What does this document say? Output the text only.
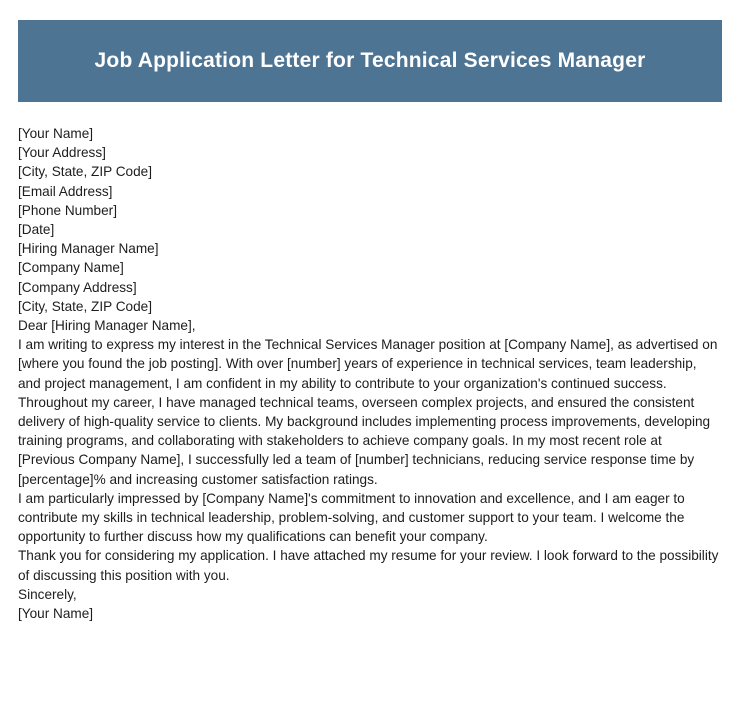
Job Application Letter for Technical Services Manager
[Your Name]
[Your Address]
[City, State, ZIP Code]
[Email Address]
[Phone Number]
[Date]
[Hiring Manager Name]
[Company Name]
[Company Address]
[City, State, ZIP Code]

Dear [Hiring Manager Name],

I am writing to express my interest in the Technical Services Manager position at [Company Name], as advertised on [where you found the job posting]. With over [number] years of experience in technical services, team leadership, and project management, I am confident in my ability to contribute to your organization's continued success.

Throughout my career, I have managed technical teams, overseen complex projects, and ensured the consistent delivery of high-quality service to clients. My background includes implementing process improvements, developing training programs, and collaborating with stakeholders to achieve company goals. In my most recent role at [Previous Company Name], I successfully led a team of [number] technicians, reducing service response time by [percentage]% and increasing customer satisfaction ratings.

I am particularly impressed by [Company Name]'s commitment to innovation and excellence, and I am eager to contribute my skills in technical leadership, problem-solving, and customer support to your team. I welcome the opportunity to further discuss how my qualifications can benefit your company.

Thank you for considering my application. I have attached my resume for your review. I look forward to the possibility of discussing this position with you.

Sincerely,

[Your Name]
